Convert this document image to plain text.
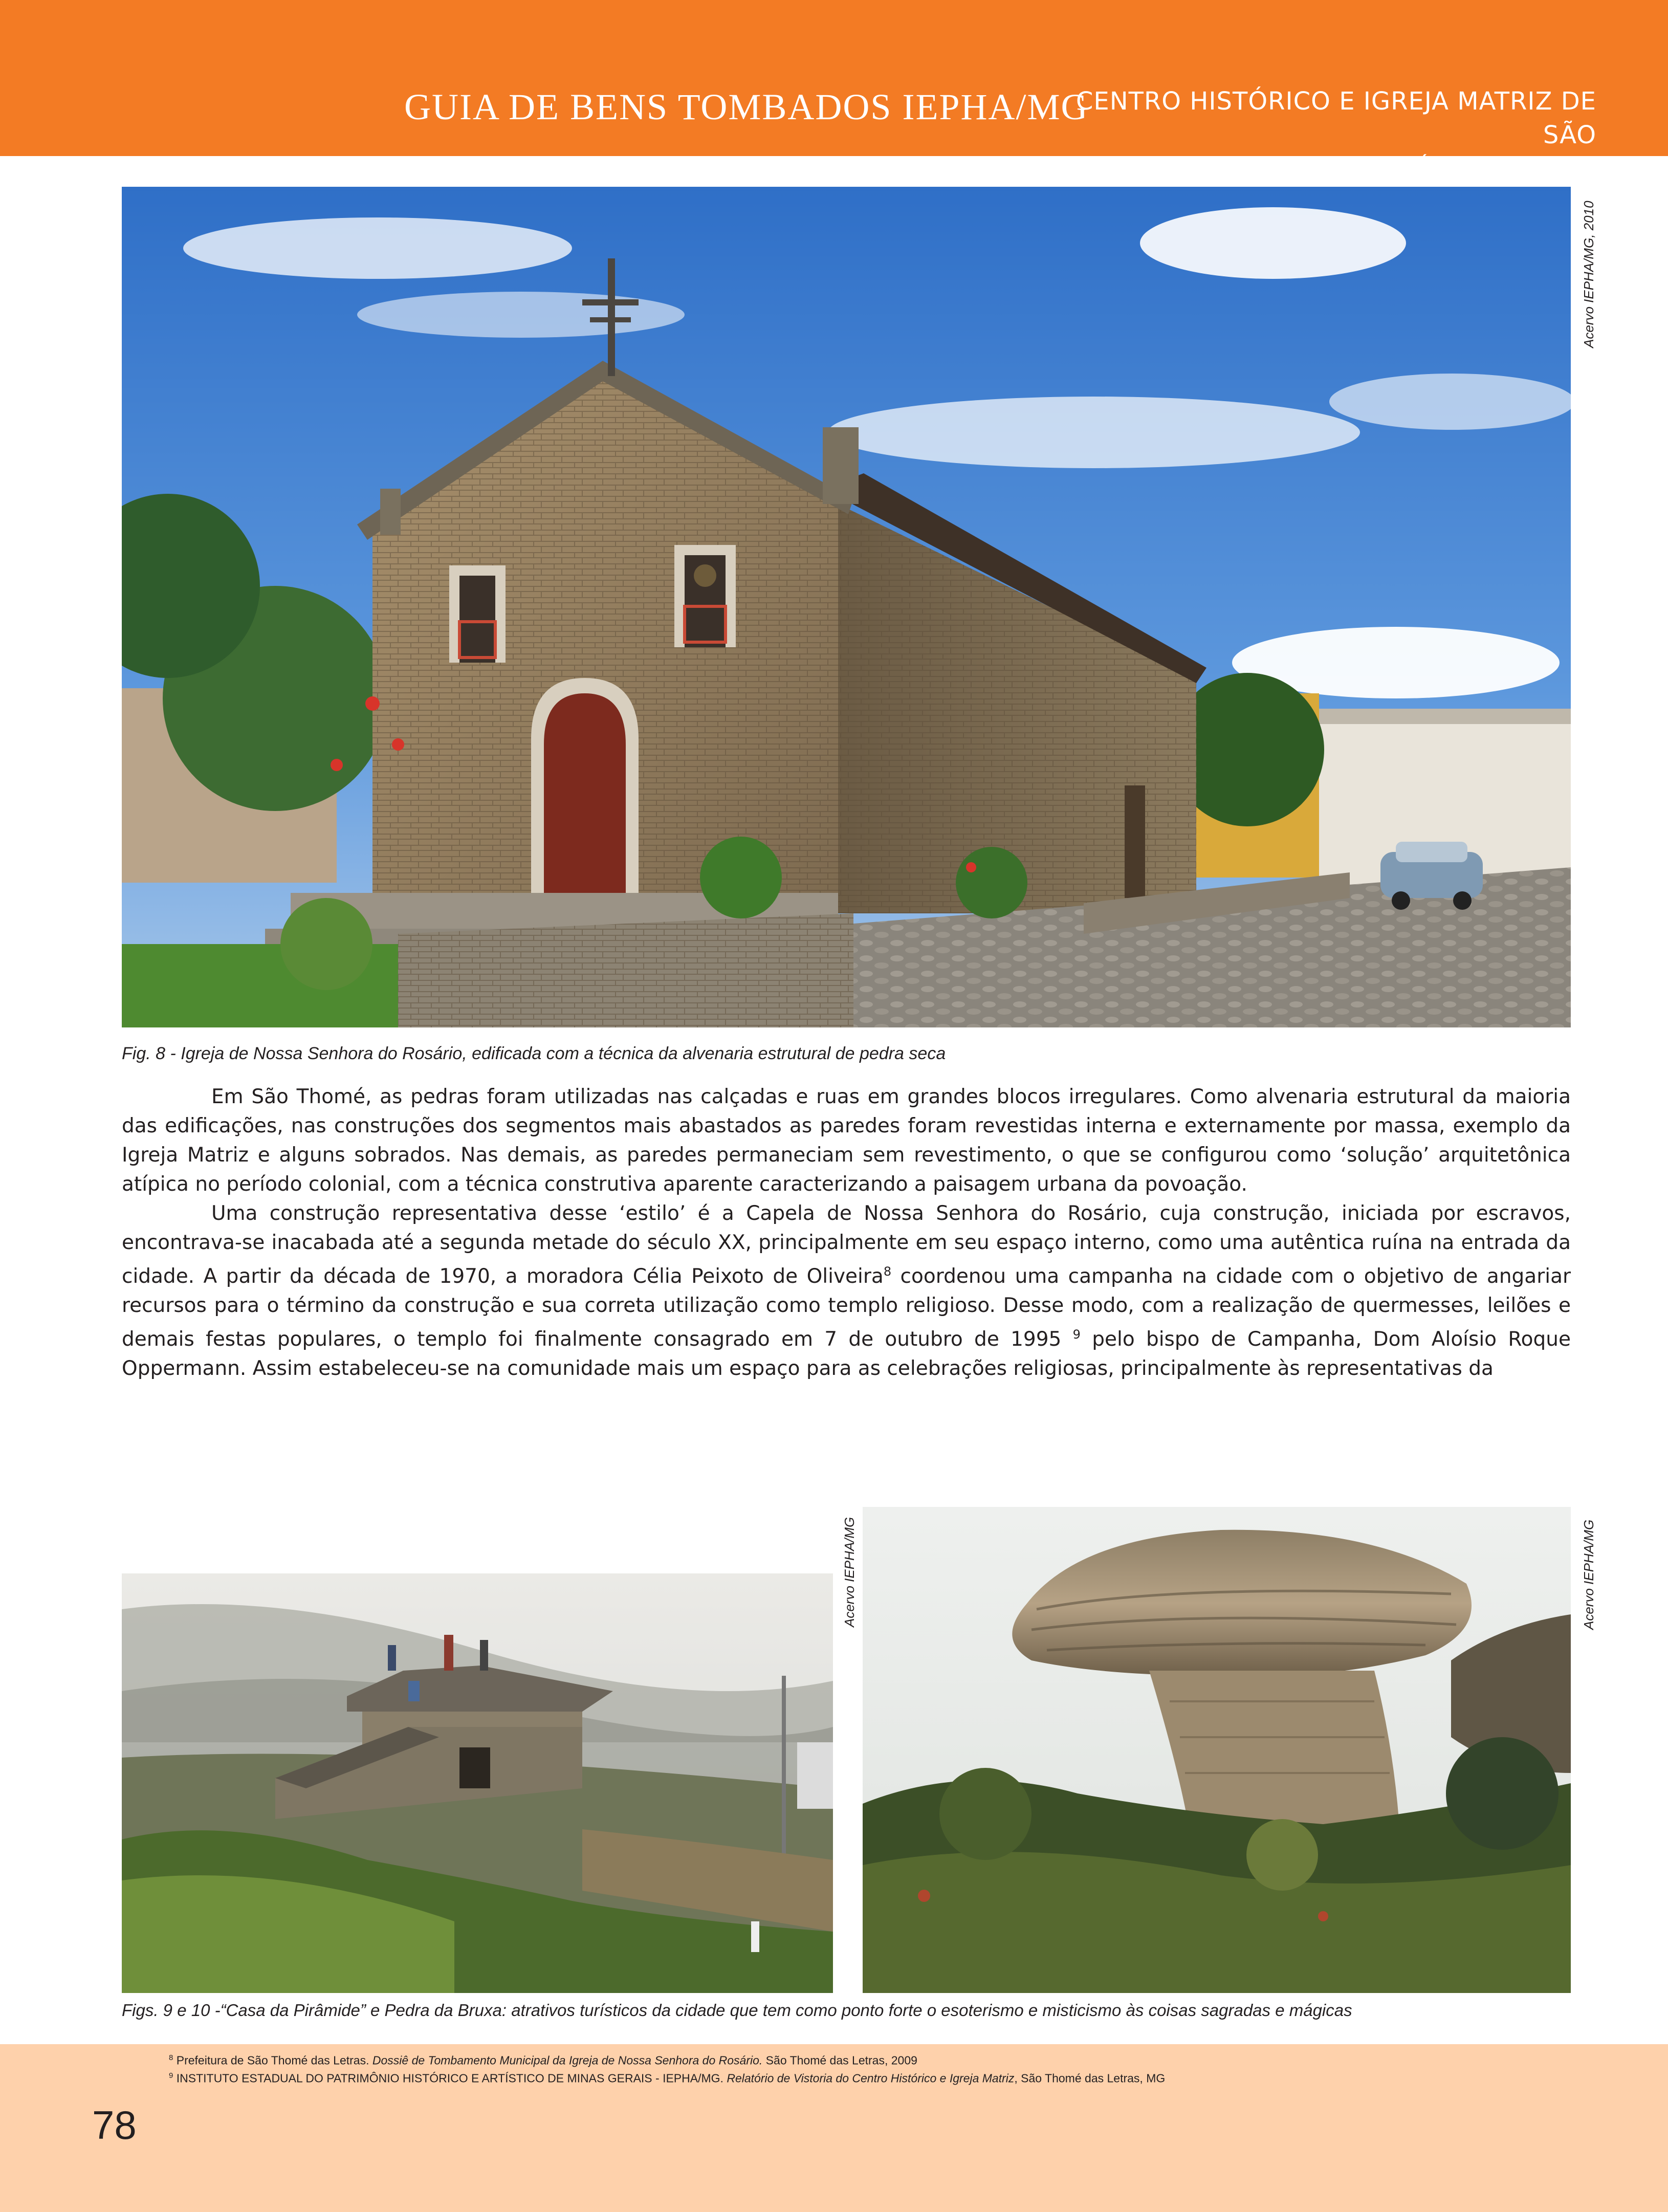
GUIA DE BENS TOMBADOS IEPHA/MG
CENTRO HISTÓRICO E IGREJA MATRIZ DE SÃO
THOMÉ DAS LETRAS
Acervo IEPHA/MG, 2010
Fig. 8 - Igreja de Nossa Senhora do Rosário, edificada com a técnica da alvenaria estrutural de pedra seca

Em São Thomé, as pedras foram utilizadas nas calçadas e ruas em grandes blocos irregulares. Como alvenaria estrutural da maioria das edificações, nas construções dos segmentos mais abastados as paredes foram revestidas interna e externamente por massa, exemplo da Igreja Matriz e alguns sobrados. Nas demais, as paredes permaneciam sem revestimento, o que se configurou como ‘solução’ arquitetônica atípica no período colonial, com a técnica construtiva aparente caracterizando a paisagem urbana da povoação.

Uma construção representativa desse ‘estilo’ é a Capela de Nossa Senhora do Rosário, cuja construção, iniciada por escravos, encontrava-se inacabada até a segunda metade do século XX, principalmente em seu espaço interno, como uma autêntica ruína na entrada da cidade. A partir da década de 1970, a moradora Célia Peixoto de Oliveira$^8$ coordenou uma campanha na cidade com o objetivo de angariar recursos para o término da construção e sua correta utilização como templo religioso. Desse modo, com a realização de quermesses, leilões e demais festas populares, o templo foi finalmente consagrado em 7 de outubro de 1995 $^9$ pelo bispo de Campanha, Dom Aloísio Roque Oppermann. Assim estabeleceu-se na comunidade mais um espaço para as celebrações religiosas, principalmente às representativas da

Acervo IEPHA/MG	Acervo IEPHA/MG
Figs. 9 e 10 -“Casa da Pirâmide” e Pedra da Bruxa: atrativos turísticos da cidade que tem como ponto forte o esoterismo e misticismo às coisas sagradas e mágicas
$^8$ Prefeitura de São Thomé das Letras. Dossiê de Tombamento Municipal da Igreja de Nossa Senhora do Rosário. São Thomé das Letras, 2009
$^9$ INSTITUTO ESTADUAL DO PATRIMÔNIO HISTÓRICO E ARTÍSTICO DE MINAS GERAIS - IEPHA/MG. Relatório de Vistoria do Centro Histórico e Igreja Matriz, São Thomé das Letras, MG
78
